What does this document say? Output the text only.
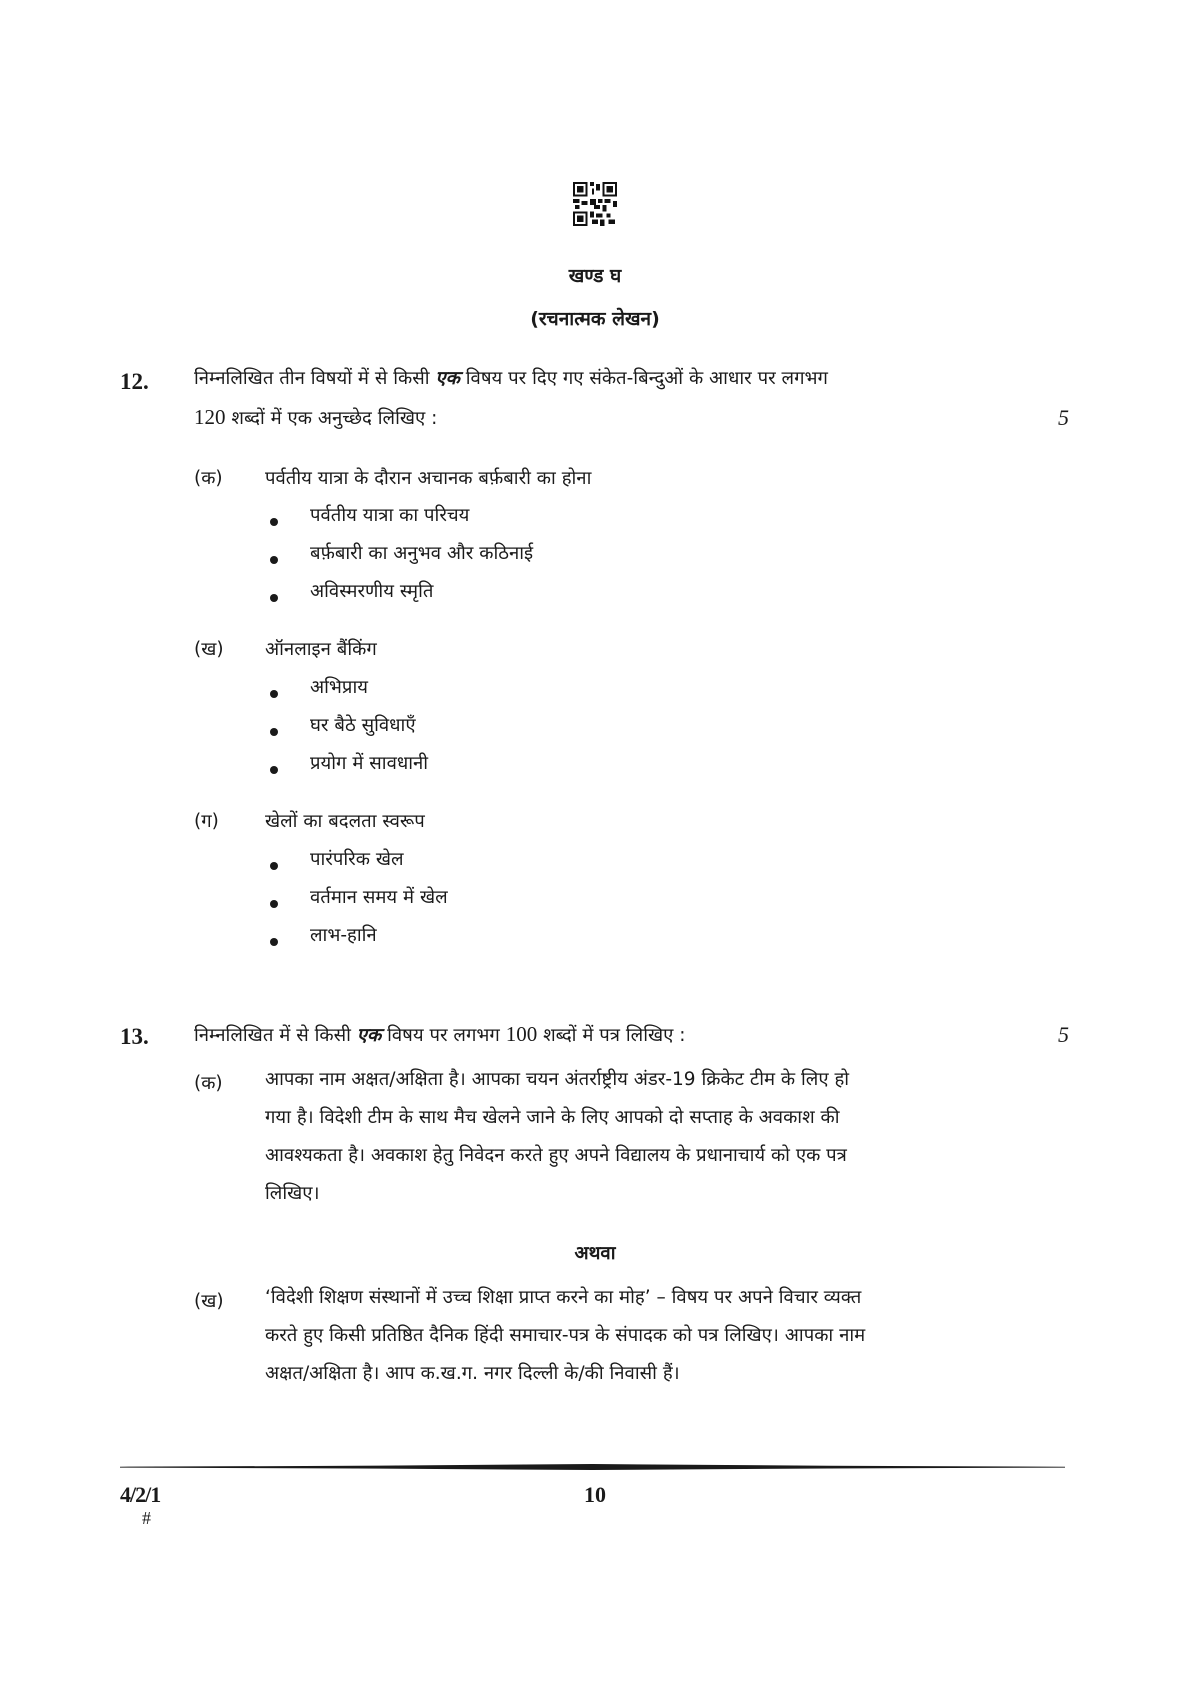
खण्ड घ
(रचनात्मक लेखन)
12. निम्नलिखित तीन विषयों में से किसी एक विषय पर दिए गए संकेत-बिन्दुओं के आधार पर लगभग
120 शब्दों में एक अनुच्छेद लिखिए :	5
(क) पर्वतीय यात्रा के दौरान अचानक बर्फ़बारी का होना
पर्वतीय यात्रा का परिचय
बर्फ़बारी का अनुभव और कठिनाई
अविस्मरणीय स्मृति
(ख) ऑनलाइन बैंकिंग
अभिप्राय
घर बैठे सुविधाएँ
प्रयोग में सावधानी
(ग) खेलों का बदलता स्वरूप
पारंपरिक खेल
वर्तमान समय में खेल
लाभ-हानि
13. निम्नलिखित में से किसी एक विषय पर लगभग 100 शब्दों में पत्र लिखिए :	5
(क) आपका नाम अक्षत/अक्षिता है। आपका चयन अंतर्राष्ट्रीय अंडर-19 क्रिकेट टीम के लिए हो
गया है। विदेशी टीम के साथ मैच खेलने जाने के लिए आपको दो सप्ताह के अवकाश की
आवश्यकता है। अवकाश हेतु निवेदन करते हुए अपने विद्यालय के प्रधानाचार्य को एक पत्र
लिखिए।
अथवा
(ख) ‘विदेशी शिक्षण संस्थानों में उच्च शिक्षा प्राप्त करने का मोह’ – विषय पर अपने विचार व्यक्त
करते हुए किसी प्रतिष्ठित दैनिक हिंदी समाचार-पत्र के संपादक को पत्र लिखिए। आपका नाम
अक्षत/अक्षिता है। आप क.ख.ग. नगर दिल्ली के/की निवासी हैं।
4/2/1
#
10
